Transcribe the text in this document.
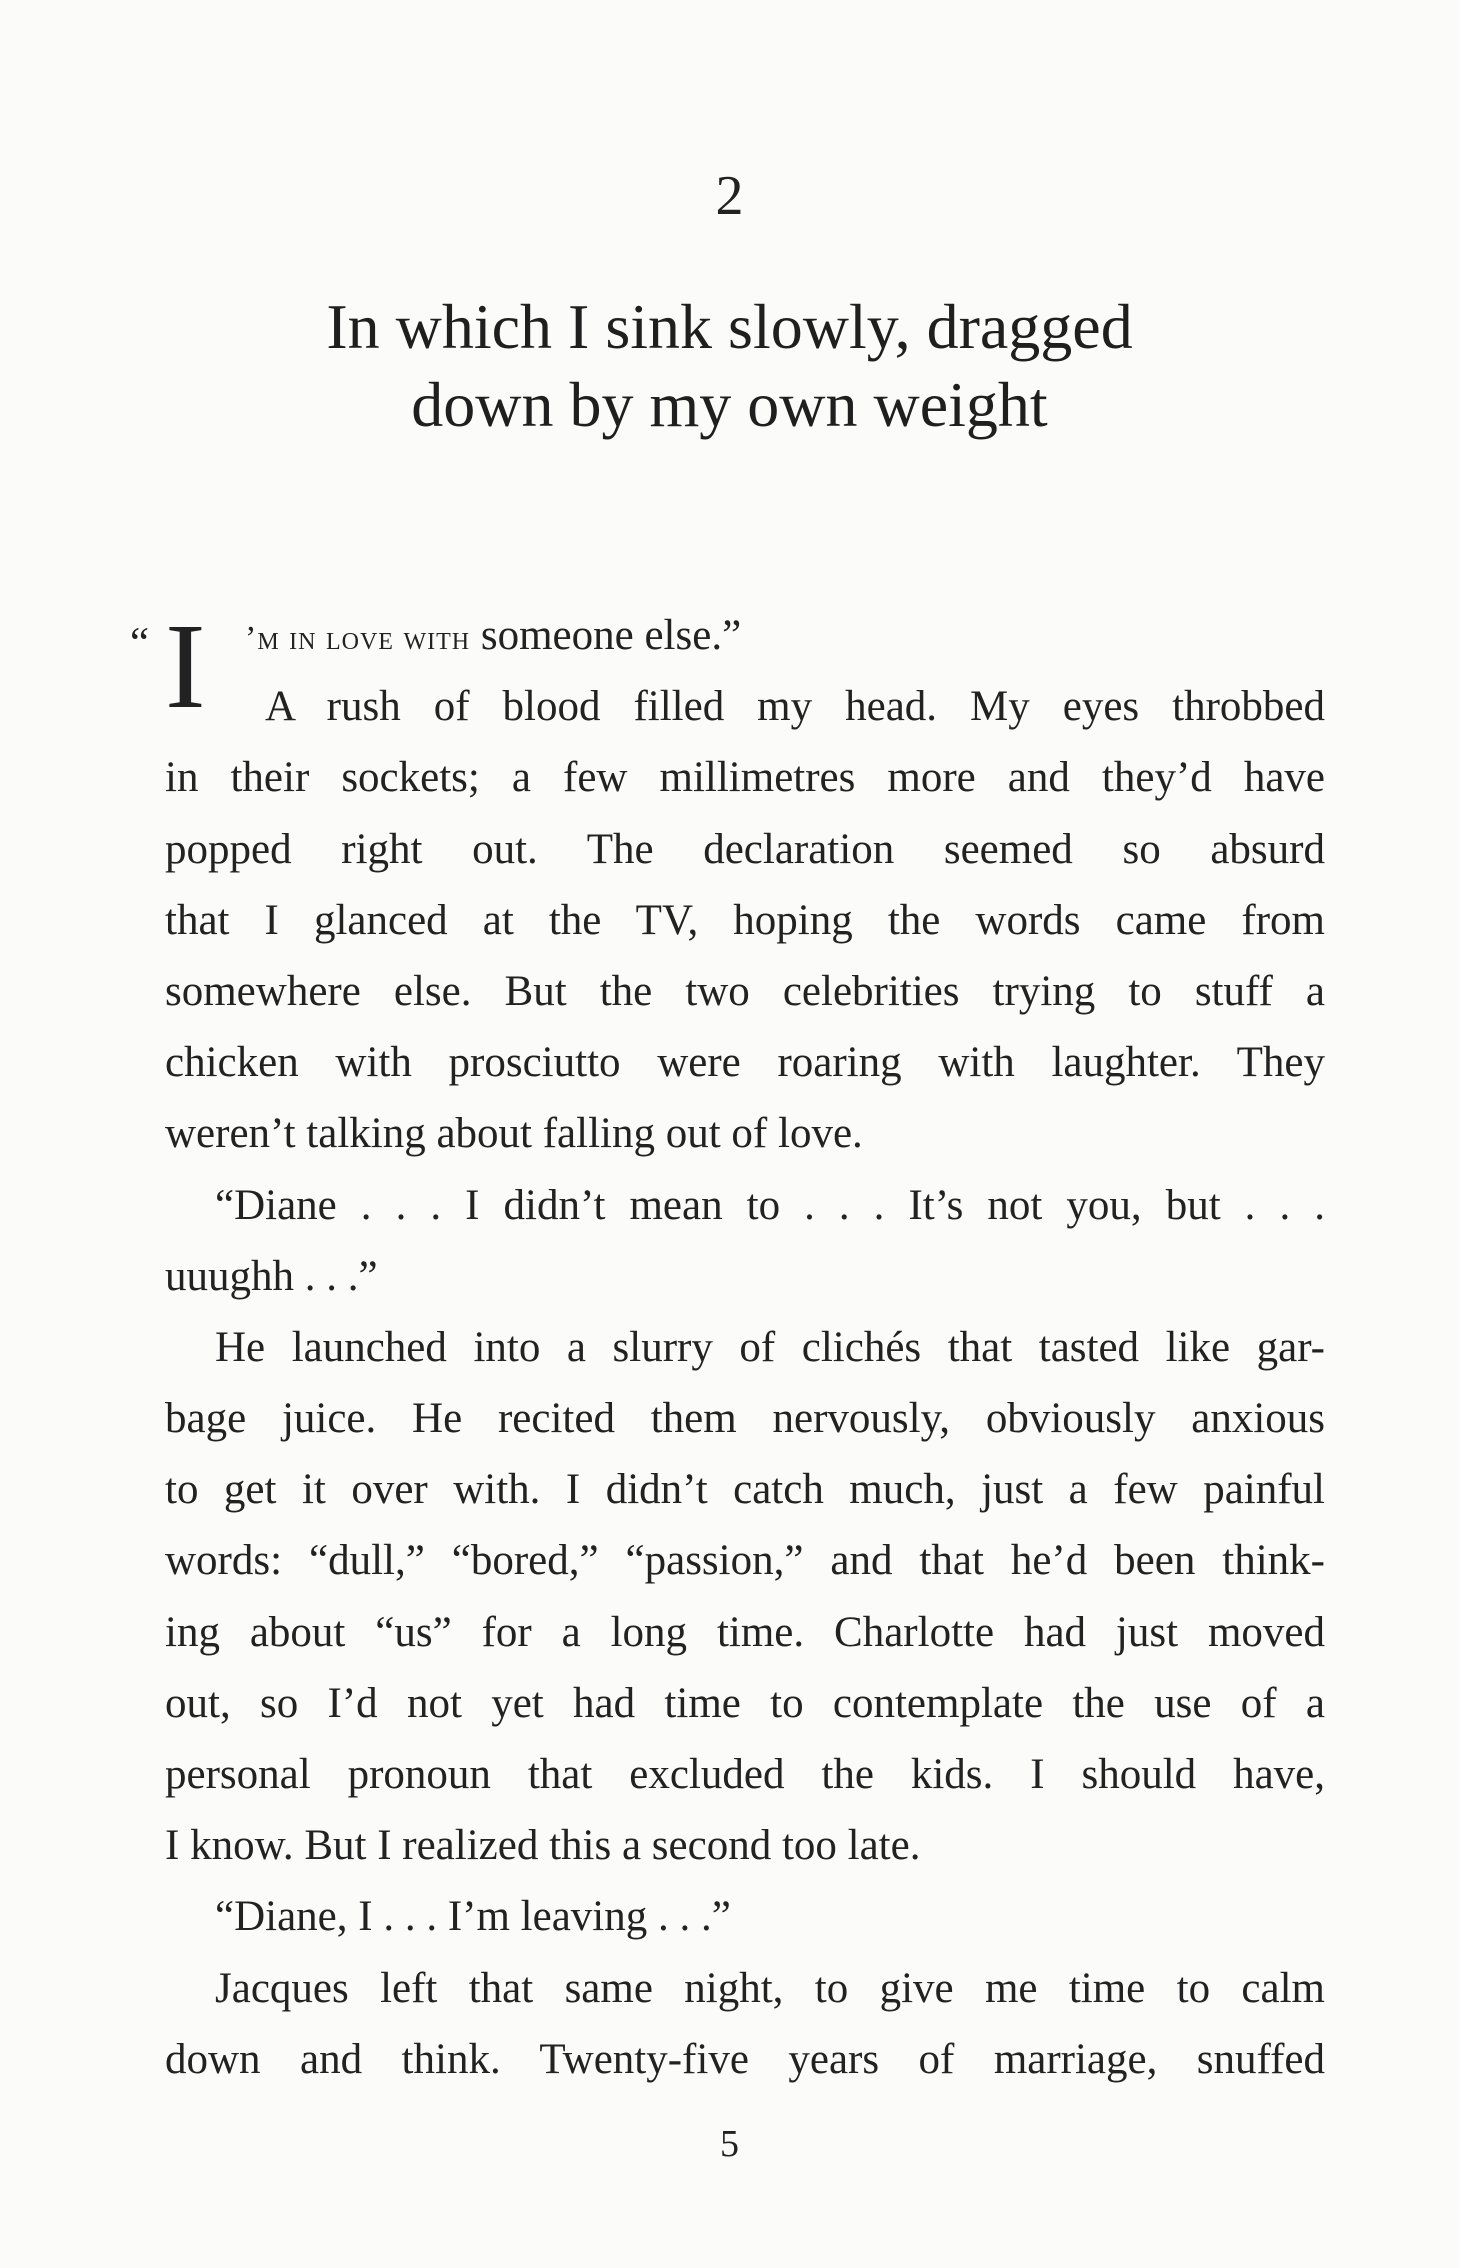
2
In which I sink slowly, dragged
down by my own weight
“ I	’m in love with someone else.”
A rush of blood filled my head. My eyes throbbed
in their sockets; a few millimetres more and they’d have
popped right out. The declaration seemed so absurd
that I glanced at the TV, hoping the words came from
somewhere else. But the two celebrities trying to stuff a
chicken with prosciutto were roaring with laughter. They
weren’t talking about falling out of love.
“Diane . . . I didn’t mean to . . . It’s not you, but . . .
uuughh . . .”
He launched into a slurry of clichés that tasted like gar-
bage juice. He recited them nervously, obviously anxious
to get it over with. I didn’t catch much, just a few painful
words: “dull,” “bored,” “passion,” and that he’d been think-
ing about “us” for a long time. Charlotte had just moved
out, so I’d not yet had time to contemplate the use of a
personal pronoun that excluded the kids. I should have,
I know. But I realized this a second too late.
“Diane, I . . . I’m leaving . . .”
Jacques left that same night, to give me time to calm
down and think. Twenty-five years of marriage, snuffed
5
